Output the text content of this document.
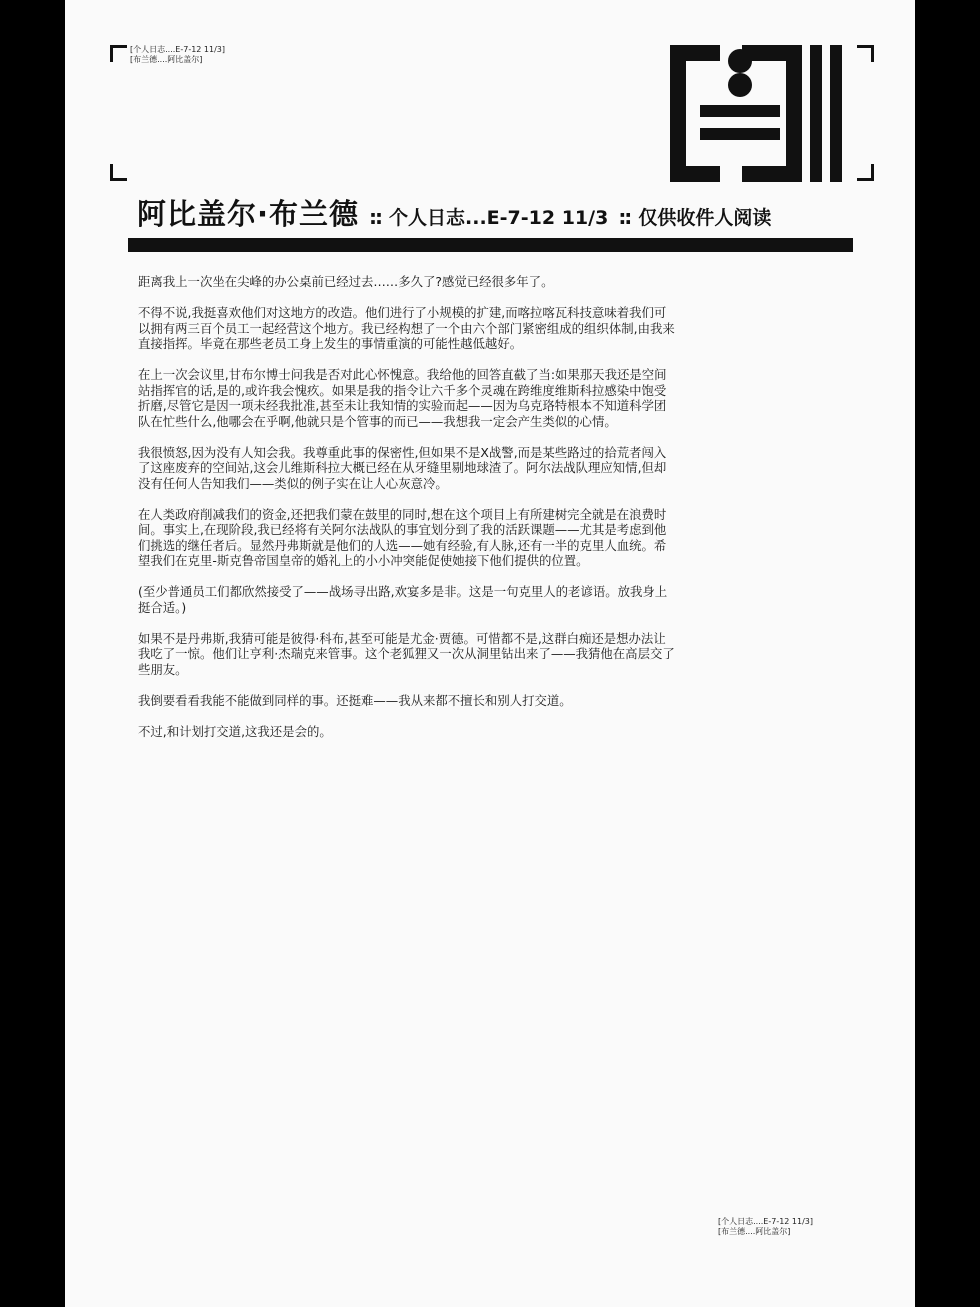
[个人日志....E-7-12 11/3]
[布兰德....阿比盖尔]
阿比盖尔·布兰德 :: 个人日志...E-7-12 11/3 :: 仅供收件人阅读

距离我上一次坐在尖峰的办公桌前已经过去……多久了?感觉已经很多年了。

不得不说,我挺喜欢他们对这地方的改造。他们进行了小规模的扩建,而喀拉喀瓦科技意味着我们可以拥有两三百个员工一起经营这个地方。我已经构想了一个由六个部门紧密组成的组织体制,由我来直接指挥。毕竟在那些老员工身上发生的事情重演的可能性越低越好。

在上一次会议里,甘布尔博士问我是否对此心怀愧意。我给他的回答直截了当:如果那天我还是空间站指挥官的话,是的,或许我会愧疚。如果是我的指令让六千多个灵魂在跨维度维斯科拉感染中饱受折磨,尽管它是因一项未经我批准,甚至未让我知情的实验而起——因为乌克珞特根本不知道科学团队在忙些什么,他哪会在乎啊,他就只是个管事的而已——我想我一定会产生类似的心情。

我很愤怒,因为没有人知会我。我尊重此事的保密性,但如果不是X战警,而是某些路过的拾荒者闯入了这座废弃的空间站,这会儿维斯科拉大概已经在从牙缝里剔地球渣了。阿尔法战队理应知情,但却没有任何人告知我们——类似的例子实在让人心灰意冷。

在人类政府削减我们的资金,还把我们蒙在鼓里的同时,想在这个项目上有所建树完全就是在浪费时间。事实上,在现阶段,我已经将有关阿尔法战队的事宜划分到了我的活跃课题——尤其是考虑到他们挑选的继任者后。显然丹弗斯就是他们的人选——她有经验,有人脉,还有一半的克里人血统。希望我们在克里-斯克鲁帝国皇帝的婚礼上的小小冲突能促使她接下他们提供的位置。

(至少普通员工们都欣然接受了——战场寻出路,欢宴多是非。这是一句克里人的老谚语。放我身上挺合适。)

如果不是丹弗斯,我猜可能是彼得·科布,甚至可能是尤金·贾德。可惜都不是,这群白痴还是想办法让我吃了一惊。他们让亨利·杰瑞克来管事。这个老狐狸又一次从洞里钻出来了——我猜他在高层交了些朋友。

我倒要看看我能不能做到同样的事。还挺难——我从来都不擅长和别人打交道。

不过,和计划打交道,这我还是会的。

[个人日志....E-7-12 11/3]
[布兰德....阿比盖尔]
